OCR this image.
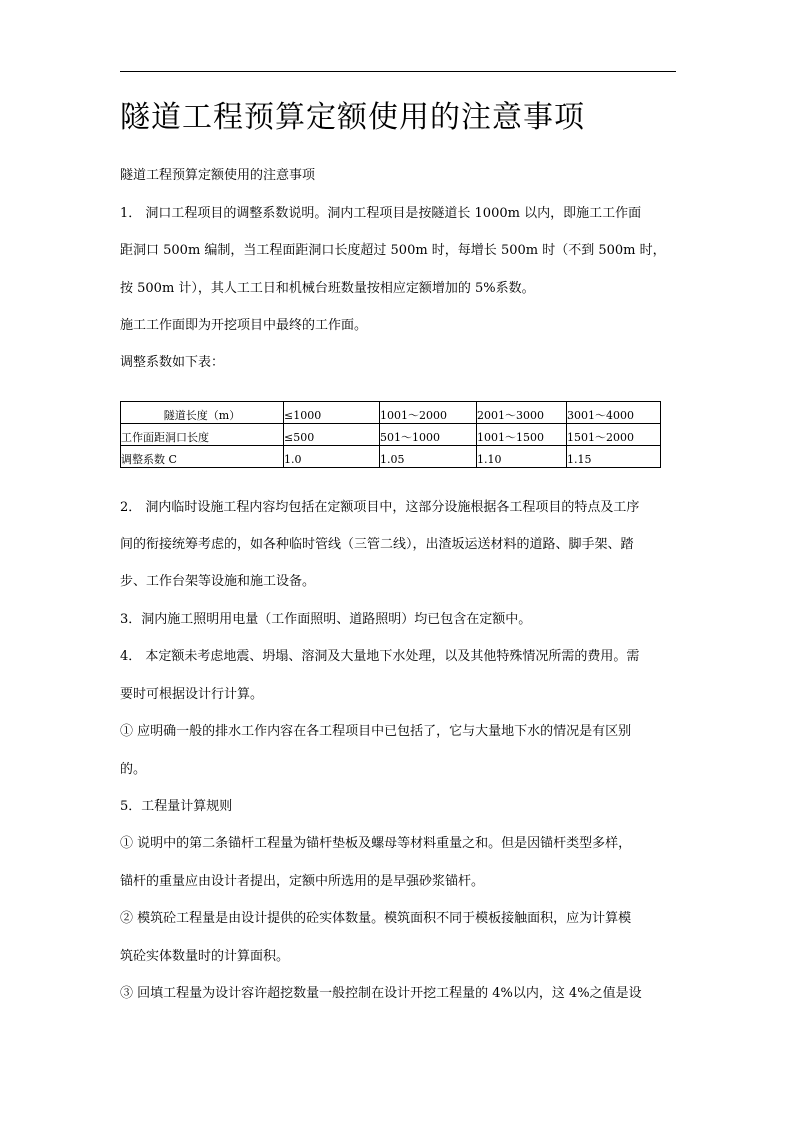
隧道工程预算定额使用的注意事项

隧道工程预算定额使用的注意事项

1． 洞口工程项目的调整系数说明。洞内工程项目是按隧道长 1000m 以内，即施工工作面

距洞口 500m 编制，当工程面距洞口长度超过 500m 时，每增长 500m 时（不到 500m 时，

按 500m 计），其人工工日和机械台班数量按相应定额增加的 5%系数。

施工工作面即为开挖项目中最终的工作面。

调整系数如下表：

隧道长度（m）	≤1000	1001～2000	2001～3000	3001～4000
工作面距洞口长度	≤500	501～1000	1001～1500	1501～2000
调整系数 C	1.0	1.05	1.10	1.15

2． 洞内临时设施工程内容均包括在定额项目中，这部分设施根据各工程项目的特点及工序

间的衔接统筹考虑的，如各种临时管线（三管二线），出渣坂运送材料的道路、脚手架、踏

步、工作台架等设施和施工设备。

3．洞内施工照明用电量（工作面照明、道路照明）均已包含在定额中。

4． 本定额未考虑地震、坍塌、溶洞及大量地下水处理，以及其他特殊情况所需的费用。需

要时可根据设计行计算。

① 应明确一般的排水工作内容在各工程项目中已包括了，它与大量地下水的情况是有区别

的。

5．工程量计算规则

① 说明中的第二条锚杆工程量为锚杆垫板及螺母等材料重量之和。但是因锚杆类型多样，

锚杆的重量应由设计者提出，定额中所选用的是早强砂浆锚杆。

② 模筑砼工程量是由设计提供的砼实体数量。模筑面积不同于模板接触面积，应为计算模

筑砼实体数量时的计算面积。

③ 回填工程量为设计容许超挖数量一般控制在设计开挖工程量的 4%以内，这 4%之值是设
